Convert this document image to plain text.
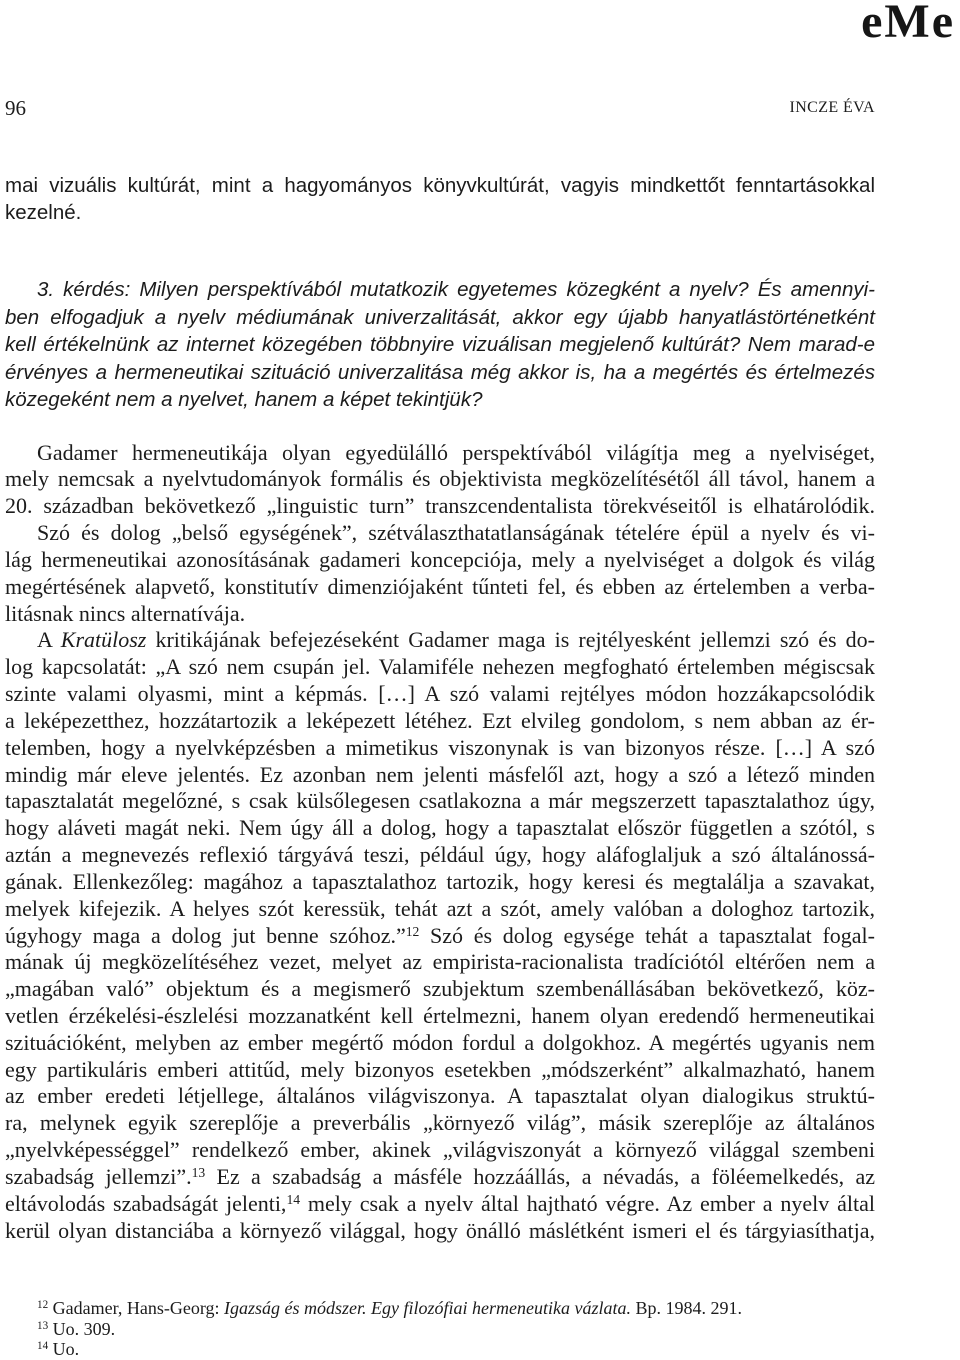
eMe
96	INCZE ÉVA
mai vizuális kultúrát, mint a hagyományos könyvkultúrát, vagyis mindkettőt fenntartásokkal
kezelné.
3. kérdés: Milyen perspektívából mutatkozik egyetemes közegként a nyelv? És amennyi-
ben elfogadjuk a nyelv médiumának univerzalitását, akkor egy újabb hanyatlástörténetként
kell értékelnünk az internet közegében többnyire vizuálisan megjelenő kultúrát? Nem marad-e
érvényes a hermeneutikai szituáció univerzalitása még akkor is, ha a megértés és értelmezés
közegeként nem a nyelvet, hanem a képet tekintjük?
Gadamer hermeneutikája olyan egyedülálló perspektívából világítja meg a nyelviséget,
mely nemcsak a nyelvtudományok formális és objektivista megközelítésétől áll távol, hanem a
20. században bekövetkező „linguistic turn” transzcendentalista törekvéseitől is elhatárolódik.
Szó és dolog „belső egységének”, szétválaszthatatlanságának tételére épül a nyelv és vi-
lág hermeneutikai azonosításának gadameri koncepciója, mely a nyelviséget a dolgok és világ
megértésének alapvető, konstitutív dimenziójaként tűnteti fel, és ebben az értelemben a verba-
litásnak nincs alternatívája.
A Kratülosz kritikájának befejezéseként Gadamer maga is rejtélyesként jellemzi szó és do-
log kapcsolatát: „A szó nem csupán jel. Valamiféle nehezen megfogható értelemben mégiscsak
szinte valami olyasmi, mint a képmás. […] A szó valami rejtélyes módon hozzákapcsolódik
a leképezetthez, hozzátartozik a leképezett létéhez. Ezt elvileg gondolom, s nem abban az ér-
telemben, hogy a nyelvképzésben a mimetikus viszonynak is van bizonyos része. […] A szó
mindig már eleve jelentés. Ez azonban nem jelenti másfelől azt, hogy a szó a létező minden
tapasztalatát megelőzné, s csak külsőlegesen csatlakozna a már megszerzett tapasztalathoz úgy,
hogy aláveti magát neki. Nem úgy áll a dolog, hogy a tapasztalat először független a szótól, s
aztán a megnevezés reflexió tárgyává teszi, például úgy, hogy aláfoglaljuk a szó általánossá-
gának. Ellenkezőleg: magához a tapasztalathoz tartozik, hogy keresi és megtalálja a szavakat,
melyek kifejezik. A helyes szót keressük, tehát azt a szót, amely valóban a dologhoz tartozik,
úgyhogy maga a dolog jut benne szóhoz.”$^{12}$ Szó és dolog egysége tehát a tapasztalat fogal-
mának új megközelítéséhez vezet, melyet az empirista-racionalista tradíciótól eltérően nem a
„magában való” objektum és a megismerő szubjektum szembenállásában bekövetkező, köz-
vetlen érzékelési-észlelési mozzanatként kell értelmezni, hanem olyan eredendő hermeneutikai
szituációként, melyben az ember megértő módon fordul a dolgokhoz. A megértés ugyanis nem
egy partikuláris emberi attitűd, mely bizonyos esetekben „módszerként” alkalmazható, hanem
az ember eredeti létjellege, általános világviszonya. A tapasztalat olyan dialogikus struktú-
ra, melynek egyik szereplője a preverbális „környező világ”, másik szereplője az általános
„nyelvképességgel” rendelkező ember, akinek „világviszonyát a környező világgal szembeni
szabadság jellemzi”.$^{13}$ Ez a szabadság a másféle hozzáállás, a névadás, a föléemelkedés, az
eltávolodás szabadságát jelenti,$^{14}$ mely csak a nyelv által hajtható végre. Az ember a nyelv által
kerül olyan distanciába a környező világgal, hogy önálló máslétként ismeri el és tárgyiasíthatja,
$^{12}$ Gadamer, Hans-Georg: Igazság és módszer. Egy filozófiai hermeneutika vázlata. Bp. 1984. 291.
$^{13}$ Uo. 309.
$^{14}$ Uo.
